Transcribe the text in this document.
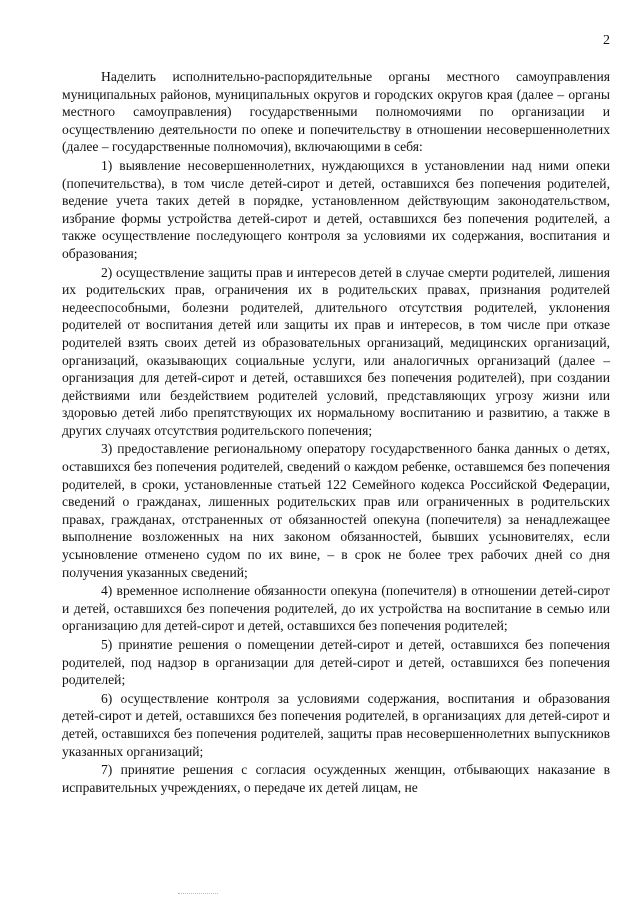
2

Наделить исполнительно-распорядительные органы местного самоуправления муниципальных районов, муниципальных округов и городских округов края (далее – органы местного самоуправления) государственными полномочиями по организации и осуществлению деятельности по опеке и попечительству в отношении несовершеннолетних (далее – государственные полномочия), включающими в себя:

1) выявление несовершеннолетних, нуждающихся в установлении над ними опеки (попечительства), в том числе детей-сирот и детей, оставшихся без попечения родителей, ведение учета таких детей в порядке, установленном действующим законодательством, избрание формы устройства детей-сирот и детей, оставшихся без попечения родителей, а также осуществление последующего контроля за условиями их содержания, воспитания и образования;

2) осуществление защиты прав и интересов детей в случае смерти родителей, лишения их родительских прав, ограничения их в родительских правах, признания родителей недееспособными, болезни родителей, длительного отсутствия родителей, уклонения родителей от воспитания детей или защиты их прав и интересов, в том числе при отказе родителей взять своих детей из образовательных организаций, медицинских организаций, организаций, оказывающих социальные услуги, или аналогичных организаций (далее – организация для детей-сирот и детей, оставшихся без попечения родителей), при создании действиями или бездействием родителей условий, представляющих угрозу жизни или здоровью детей либо препятствующих их нормальному воспитанию и развитию, а также в других случаях отсутствия родительского попечения;

3) предоставление региональному оператору государственного банка данных о детях, оставшихся без попечения родителей, сведений о каждом ребенке, оставшемся без попечения родителей, в сроки, установленные статьей 122 Семейного кодекса Российской Федерации, сведений о гражданах, лишенных родительских прав или ограниченных в родительских правах, гражданах, отстраненных от обязанностей опекуна (попечителя) за ненадлежащее выполнение возложенных на них законом обязанностей, бывших усыновителях, если усыновление отменено судом по их вине, – в срок не более трех рабочих дней со дня получения указанных сведений;

4) временное исполнение обязанности опекуна (попечителя) в отношении детей-сирот и детей, оставшихся без попечения родителей, до их устройства на воспитание в семью или организацию для детей-сирот и детей, оставшихся без попечения родителей;

5) принятие решения о помещении детей-сирот и детей, оставшихся без попечения родителей, под надзор в организации для детей-сирот и детей, оставшихся без попечения родителей;

6) осуществление контроля за условиями содержания, воспитания и образования детей-сирот и детей, оставшихся без попечения родителей, в организациях для детей-сирот и детей, оставшихся без попечения родителей, защиты прав несовершеннолетних выпускников указанных организаций;

7) принятие решения с согласия осужденных женщин, отбывающих наказание в исправительных учреждениях, о передаче их детей лицам, не
